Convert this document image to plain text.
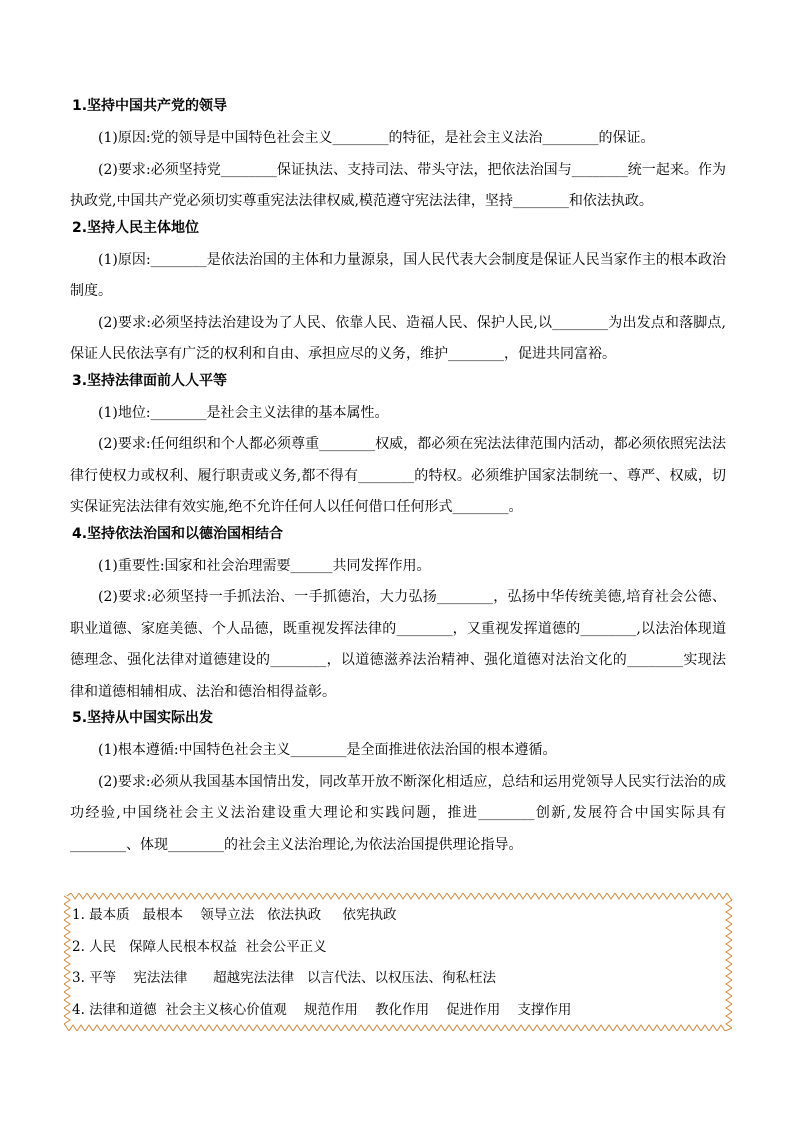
1.坚持中国共产党的领导

(1)原因:党的领导是中国特色社会主义________的特征，是社会主义法治________的保证。

(2)要求:必须坚持党________保证执法、支持司法、带头守法，把依法治国与________统一起来。作为执政党,中国共产党必须切实尊重宪法法律权威,模范遵守宪法法律，坚持________和依法执政。

2.坚持人民主体地位

(1)原因:________是依法治国的主体和力量源泉，国人民代表大会制度是保证人民当家作主的根本政治制度。

(2)要求:必须坚持法治建设为了人民、依靠人民、造福人民、保护人民,以________为出发点和落脚点,保证人民依法享有广泛的权利和自由、承担应尽的义务，维护________，促进共同富裕。

3.坚持法律面前人人平等

(1)地位:________是社会主义法律的基本属性。

(2)要求:任何组织和个人都必须尊重________权威，都必须在宪法法律范围内活动，都必须依照宪法法律行使权力或权利、履行职责或义务,都不得有________的特权。必须维护国家法制统一、尊严、权威，切实保证宪法法律有效实施,绝不允许任何人以任何借口任何形式________。

4.坚持依法治国和以德治国相结合

(1)重要性:国家和社会治理需要______共同发挥作用。

(2)要求:必须坚持一手抓法治、一手抓德治，大力弘扬________，弘扬中华传统美德,培育社会公德、职业道德、家庭美德、个人品德，既重视发挥法律的________，又重视发挥道德的________,以法治体现道德理念、强化法律对道德建设的________，以道德滋养法治精神、强化道德对法治文化的________实现法律和道德相辅相成、法治和德治相得益彰。

5.坚持从中国实际出发

(1)根本遵循:中国特色社会主义________是全面推进依法治国的根本遵循。

(2)要求:必须从我国基本国情出发，同改革开放不断深化相适应，总结和运用党领导人民实行法治的成功经验,中国绕社会主义法治建设重大理论和实践问题，推进________创新,发展符合中国实际具有________、体现________的社会主义法治理论,为依法治国提供理论指导。

1. 最本质   最根本    领导立法   依法执政     依宪执政
2. 人民   保障人民根本权益  社会公平正义
3. 平等    宪法法律      超越宪法法律   以言代法、以权压法、徇私枉法
4. 法律和道德  社会主义核心价值观    规范作用    教化作用    促进作用    支撑作用
